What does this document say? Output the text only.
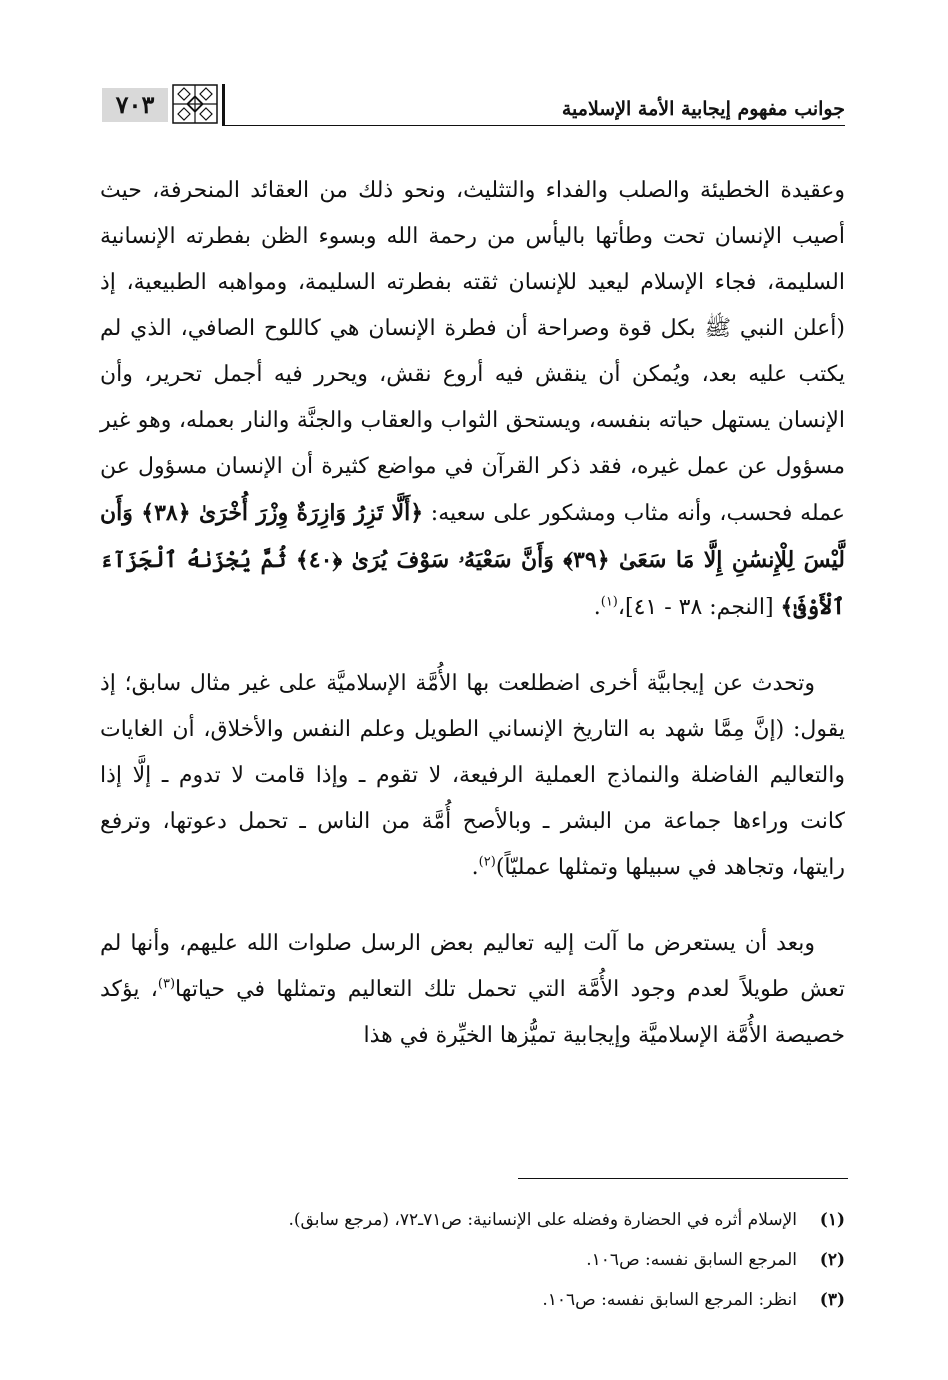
جوانب مفهوم إيجابية الأمة الإسلامية
٧٠٣

وعقيدة الخطيئة والصلب والفداء والتثليث، ونحو ذلك من العقائد المنحرفة، حيث أصيب الإنسان تحت وطأتها باليأس من رحمة الله وبسوء الظن بفطرته الإنسانية السليمة، فجاء الإسلام ليعيد للإنسان ثقته بفطرته السليمة، ومواهبه الطبيعية، إذ (أعلن النبي ﷺ بكل قوة وصراحة أن فطرة الإنسان هي كاللوح الصافي، الذي لم يكتب عليه بعد، ويُمكن أن ينقش فيه أروع نقش، ويحرر فيه أجمل تحرير، وأن الإنسان يستهل حياته بنفسه، ويستحق الثواب والعقاب والجنَّة والنار بعمله، وهو غير مسؤول عن عمل غيره، فقد ذكر القرآن في مواضع كثيرة أن الإنسان مسؤول عن عمله فحسب، وأنه مثاب ومشكور على سعيه: ﴿أَلَّا تَزِرُ وَازِرَةٌ وِزْرَ أُخْرَىٰ ﴿٣٨﴾ وَأَن لَّيْسَ لِلْإِنسَٰنِ إِلَّا مَا سَعَىٰ ﴿٣٩﴾ وَأَنَّ سَعْيَهُۥ سَوْفَ يُرَىٰ ﴿٤٠﴾ ثُمَّ يُجْزَىٰهُ ٱلْجَزَآءَ ٱلْأَوْفَىٰ﴾ [النجم: ٣٨ - ٤١]،$^{(١)}$.

وتحدث عن إيجابيَّة أخرى اضطلعت بها الأُمَّة الإسلاميَّة على غير مثال سابق؛ إذ يقول: (إنَّ مِمَّا شهد به التاريخ الإنساني الطويل وعلم النفس والأخلاق، أن الغايات والتعاليم الفاضلة والنماذج العملية الرفيعة، لا تقوم ـ وإذا قامت لا تدوم ـ إلَّا إذا كانت وراءها جماعة من البشر ـ وبالأصح أُمَّة من الناس ـ تحمل دعوتها، وترفع رايتها، وتجاهد في سبيلها وتمثلها عمليّاً)$^{(٢)}$.

وبعد أن يستعرض ما آلت إليه تعاليم بعض الرسل صلوات الله عليهم، وأنها لم تعش طويلاً لعدم وجود الأُمَّة التي تحمل تلك التعاليم وتمثلها في حياتها$^{(٣)}$، يؤكد خصيصة الأُمَّة الإسلاميَّة وإيجابية تميُّزها الخيِّرة في هذا

(١)
الإسلام أثره في الحضارة وفضله على الإنسانية: ص٧١ـ٧٢، (مرجع سابق).
(٢)
المرجع السابق نفسه: ص١٠٦.
(٣)
انظر: المرجع السابق نفسه: ص١٠٦.
